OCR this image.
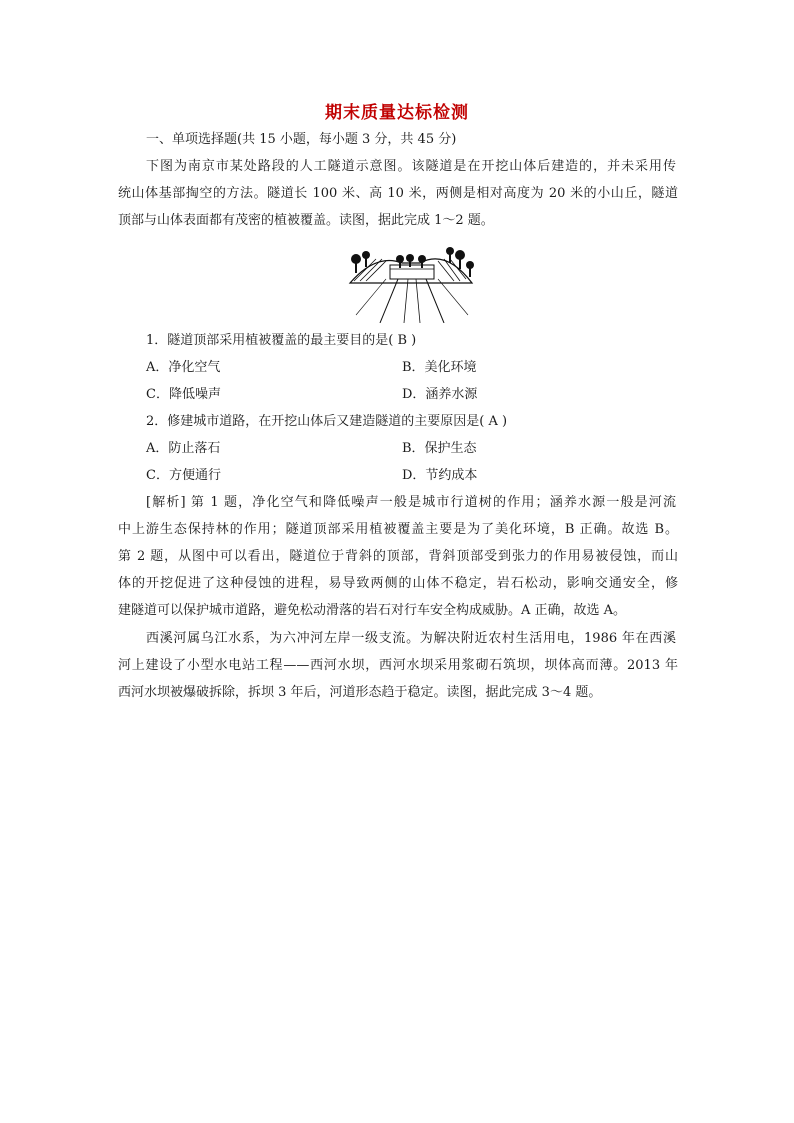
期末质量达标检测
一、单项选择题(共 15 小题，每小题 3 分，共 45 分)
下图为南京市某处路段的人工隧道示意图。该隧道是在开挖山体后建造的，并未采用传
统山体基部掏空的方法。隧道长 100 米、高 10 米，两侧是相对高度为 20 米的小山丘，隧道
顶部与山体表面都有茂密的植被覆盖。读图，据此完成 1～2 题。
1．隧道顶部采用植被覆盖的最主要目的是( B )
A．净化空气	B．美化环境
C．降低噪声	D．涵养水源
2．修建城市道路，在开挖山体后又建造隧道的主要原因是( A )
A．防止落石	B．保护生态
C．方便通行	D．节约成本
[解析] 第 1 题，净化空气和降低噪声一般是城市行道树的作用；涵养水源一般是河流
中上游生态保持林的作用；隧道顶部采用植被覆盖主要是为了美化环境，B 正确。故选 B。
第 2 题，从图中可以看出，隧道位于背斜的顶部，背斜顶部受到张力的作用易被侵蚀，而山
体的开挖促进了这种侵蚀的进程，易导致两侧的山体不稳定，岩石松动，影响交通安全，修
建隧道可以保护城市道路，避免松动滑落的岩石对行车安全构成威胁。A 正确，故选 A。
西溪河属乌江水系，为六冲河左岸一级支流。为解决附近农村生活用电，1986 年在西溪
河上建设了小型水电站工程——西河水坝，西河水坝采用浆砌石筑坝，坝体高而薄。2013 年
西河水坝被爆破拆除，拆坝 3 年后，河道形态趋于稳定。读图，据此完成 3～4 题。
